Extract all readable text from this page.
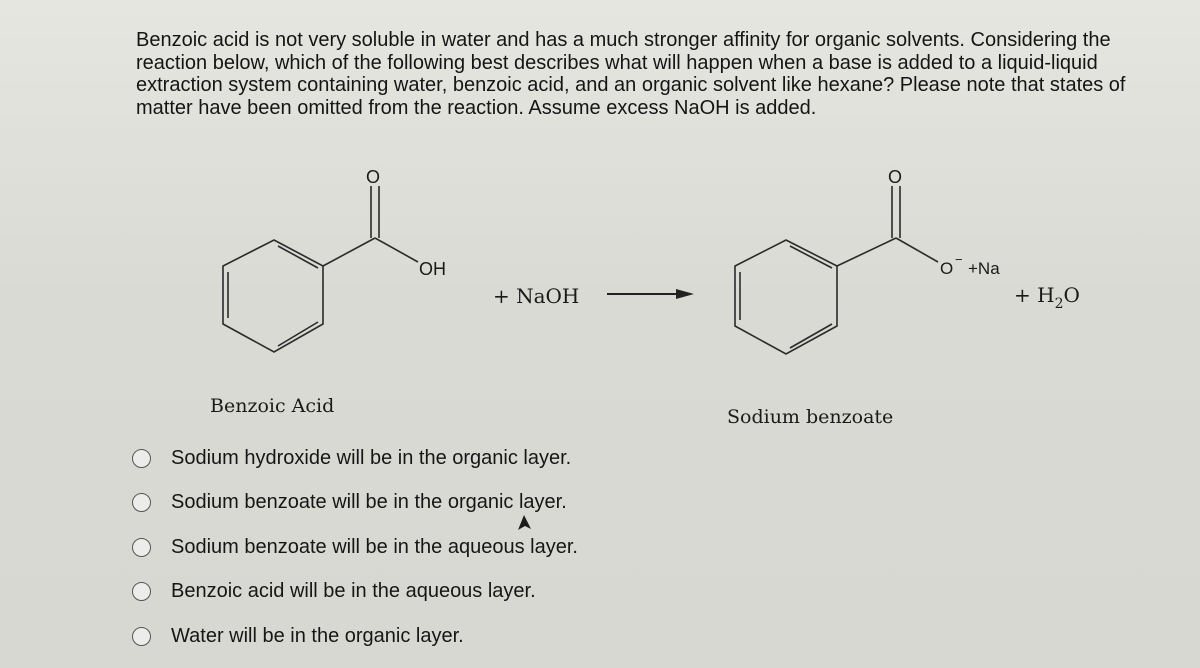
Benzoic acid is not very soluble in water and has a much stronger affinity for organic solvents. Considering the reaction below, which of the following best describes what will happen when a base is added to a liquid-liquid extraction system containing water, benzoic acid, and an organic solvent like hexane? Please note that states of matter have been omitted from the reaction. Assume excess NaOH is added.

O
OH
+ NaOH
O
O − +Na
+ $H_2O$
Benzoic Acid	Sodium benzoate
Sodium hydroxide will be in the organic layer.
Sodium benzoate will be in the organic layer.
Sodium benzoate will be in the aqueous layer.
Benzoic acid will be in the aqueous layer.
Water will be in the organic layer.
